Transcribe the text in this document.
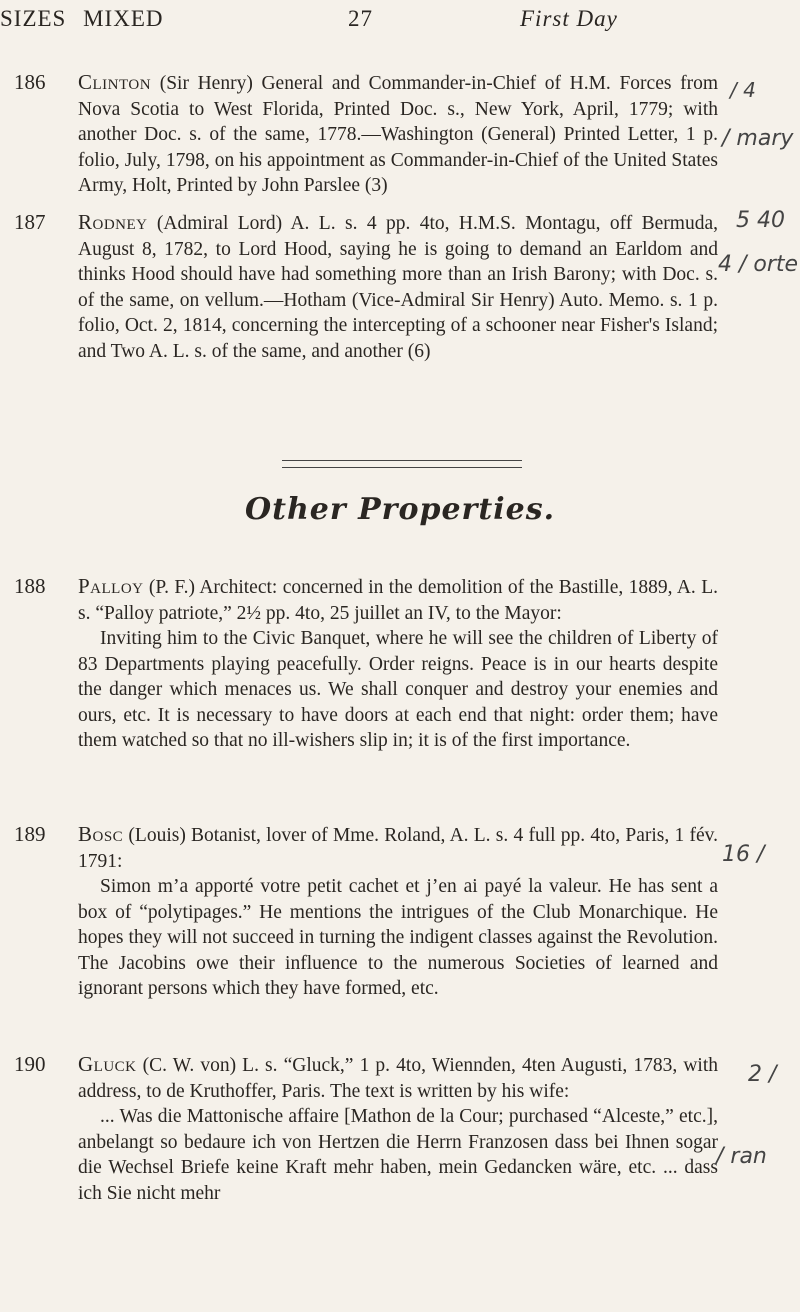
SIZES MIXED	27	First Day
186 Clinton (Sir Henry) General and Commander-in-Chief of H.M. Forces from Nova Scotia to West Florida, Printed Doc. s., New York, April, 1779; with another Doc. s. of the same, 1778.—Washington (General) Printed Letter, 1 p. folio, July, 1798, on his appointment as Commander-in-Chief of the United States Army, Holt, Printed by John Parslee (3)

187 Rodney (Admiral Lord) A. L. s. 4 pp. 4to, H.M.S. Montagu, off Bermuda, August 8, 1782, to Lord Hood, saying he is going to demand an Earldom and thinks Hood should have had something more than an Irish Barony; with Doc. s. of the same, on vellum.—Hotham (Vice-Admiral Sir Henry) Auto. Memo. s. 1 p. folio, Oct. 2, 1814, concerning the intercepting of a schooner near Fisher's Island; and Two A. L. s. of the same, and another (6)

Other Properties.
188 Palloy (P. F.) Architect: concerned in the demolition of the Bastille, 1889, A. L. s. “Palloy patriote,” 2½ pp. 4to, 25 juillet an IV, to the Mayor:

Inviting him to the Civic Banquet, where he will see the children of Liberty of 83 Departments playing peacefully. Order reigns. Peace is in our hearts despite the danger which menaces us. We shall conquer and destroy your enemies and ours, etc. It is necessary to have doors at each end that night: order them; have them watched so that no ill-wishers slip in; it is of the first importance.

189 Bosc (Louis) Botanist, lover of Mme. Roland, A. L. s. 4 full pp. 4to, Paris, 1 fév. 1791:

Simon m’a apporté votre petit cachet et j’en ai payé la valeur. He has sent a box of “polytipages.” He mentions the intrigues of the Club Monarchique. He hopes they will not succeed in turning the indigent classes against the Revolution. The Jacobins owe their influence to the numerous Societies of learned and ignorant persons which they have formed, etc.

190 Gluck (C. W. von) L. s. “Gluck,” 1 p. 4to, Wiennden, 4ten Augusti, 1783, with address, to de Kruthoffer, Paris. The text is written by his wife:

... Was die Mattonische affaire [Mathon de la Cour; purchased “Alceste,” etc.], anbelangt so bedaure ich von Hertzen die Herrn Franzosen dass bei Ihnen sogar die Wechsel Briefe keine Kraft mehr haben, mein Gedancken wäre, etc. ... dass ich Sie nicht mehr

/ 4
/ mary
5 40
4 / orte
16 /
2 /
/ ran
